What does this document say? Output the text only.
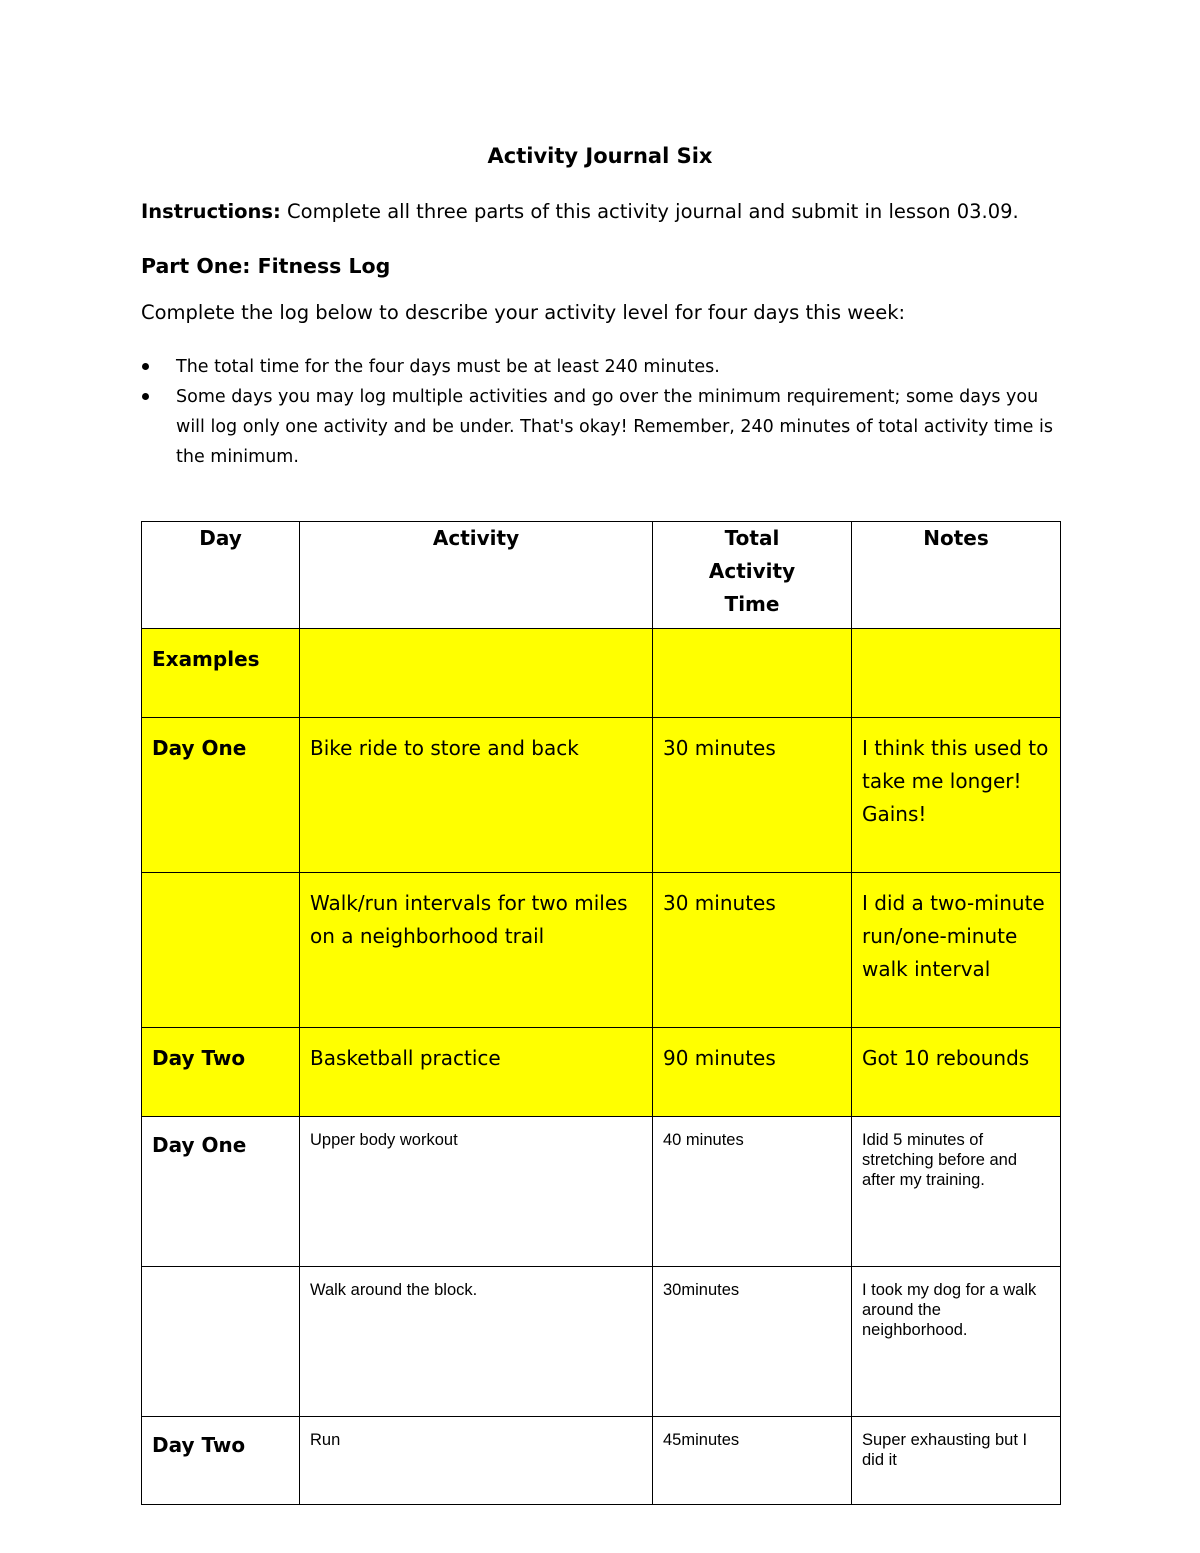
Activity Journal Six
Instructions: Complete all three parts of this activity journal and submit in lesson 03.09.
Part One: Fitness Log
Complete the log below to describe your activity level for four days this week:
The total time for the four days must be at least 240 minutes.
Some days you may log multiple activities and go over the minimum requirement; some days you will log only one activity and be under. That's okay! Remember, 240 minutes of total activity time is the minimum.
Day	Activity	Total Activity Time	Notes
Examples			
Day One	Bike ride to store and back	30 minutes	I think this used to take me longer! Gains!
	Walk/run intervals for two miles on a neighborhood trail	30 minutes	I did a two-minute run/one-minute walk interval
Day Two	Basketball practice	90 minutes	Got 10 rebounds
Day One	Upper body workout	40 minutes	Idid 5 minutes of stretching before and after my training.
	Walk around the block.	30minutes	I took my dog for a walk around the neighborhood.
Day Two	Run	45minutes	Super exhausting but I did it
